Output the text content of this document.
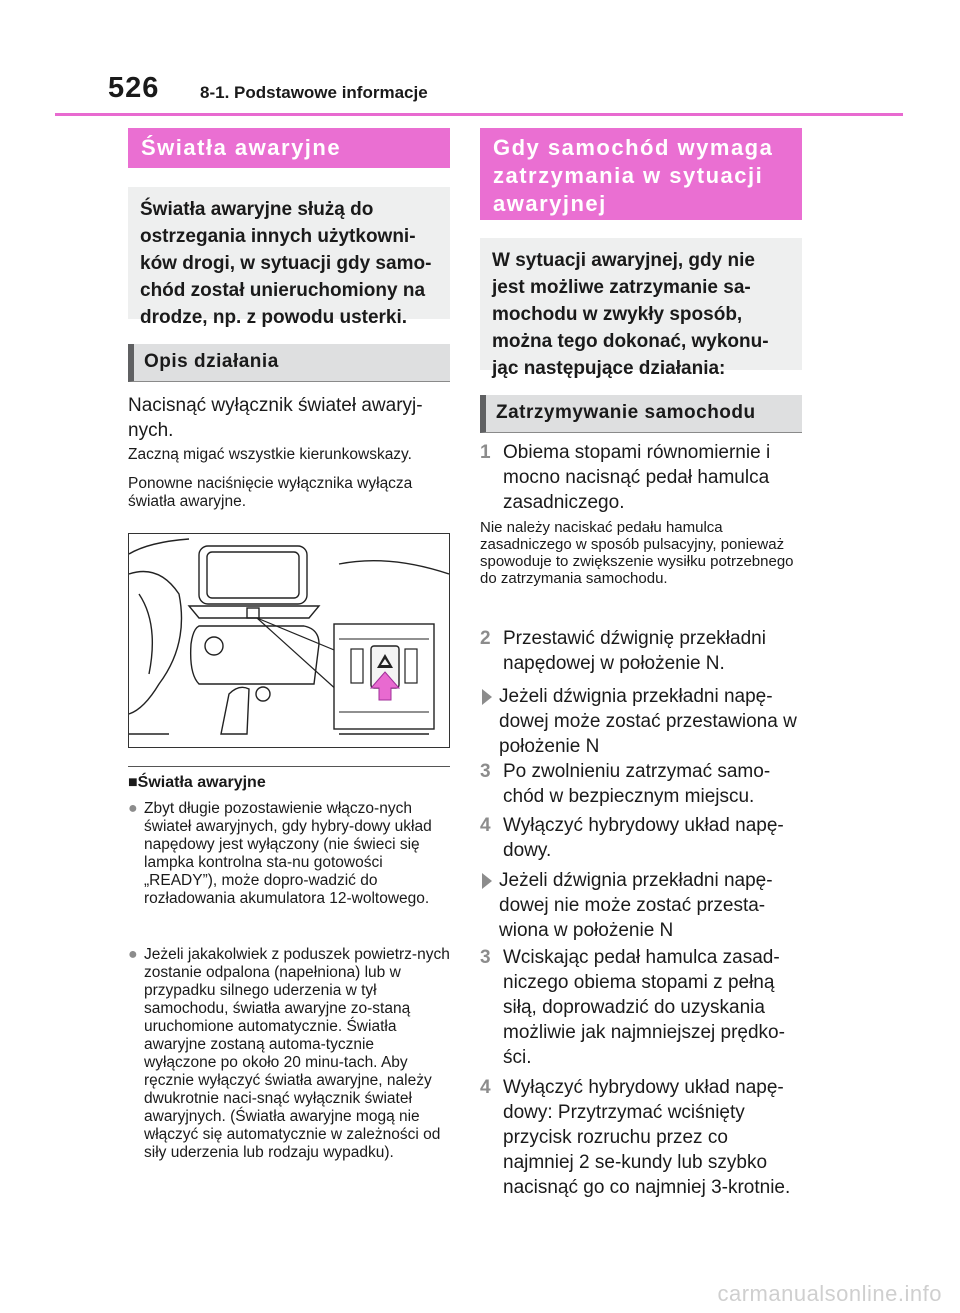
526 8-1. Podstawowe informacje
Światła awaryjne
Światła awaryjne służą do ostrzegania innych użytkowni-ków drogi, w sytuacji gdy samo-chód został unieruchomiony na drodze, np. z powodu usterki.
Opis działania
Nacisnąć wyłącznik świateł awaryj-nych.
Zaczną migać wszystkie kierunkowskazy.
Ponowne naciśnięcie wyłącznika wyłącza światła awaryjne.
■Światła awaryjne
● Zbyt długie pozostawienie włączo-nych świateł awaryjnych, gdy hybry-dowy układ napędowy jest wyłączony (nie świeci się lampka kontrolna sta-nu gotowości „READY”), może dopro-wadzić do rozładowania akumulatora 12-woltowego.
● Jeżeli jakakolwiek z poduszek powietrz-nych zostanie odpalona (napełniona) lub w przypadku silnego uderzenia w tył samochodu, światła awaryjne zo-staną uruchomione automatycznie. Światła awaryjne zostaną automa-tycznie wyłączone po około 20 minu-tach. Aby ręcznie wyłączyć światła awaryjne, należy dwukrotnie naci-snąć wyłącznik świateł awaryjnych. (Światła awaryjne mogą nie włączyć się automatycznie w zależności od siły uderzenia lub rodzaju wypadku).
Gdy samochód wymaga zatrzymania w sytuacji awaryjnej
W sytuacji awaryjnej, gdy nie jest możliwe zatrzymanie sa-mochodu w zwykły sposób, można tego dokonać, wykonu-jąc następujące działania:
Zatrzymywanie samochodu
1 Obiema stopami równomiernie i mocno nacisnąć pedał hamulca zasadniczego.
Nie należy naciskać pedału hamulca zasadniczego w sposób pulsacyjny, ponieważ spowoduje to zwiększenie wysiłku potrzebnego do zatrzymania samochodu.
2 Przestawić dźwignię przekładni napędowej w położenie N.
Jeżeli dźwignia przekładni napę-dowej może zostać przestawiona w położenie N
3 Po zwolnieniu zatrzymać samo-chód w bezpiecznym miejscu.
4 Wyłączyć hybrydowy układ napę-dowy.
Jeżeli dźwignia przekładni napę-dowej nie może zostać przesta-wiona w położenie N
3 Wciskając pedał hamulca zasad-niczego obiema stopami z pełną siłą, doprowadzić do uzyskania możliwie jak najmniejszej prędko-ści.
4 Wyłączyć hybrydowy układ napę-dowy: Przytrzymać wciśnięty przycisk rozruchu przez co najmniej 2 se-kundy lub szybko nacisnąć go co najmniej 3-krotnie.
carmanualsonline.info
